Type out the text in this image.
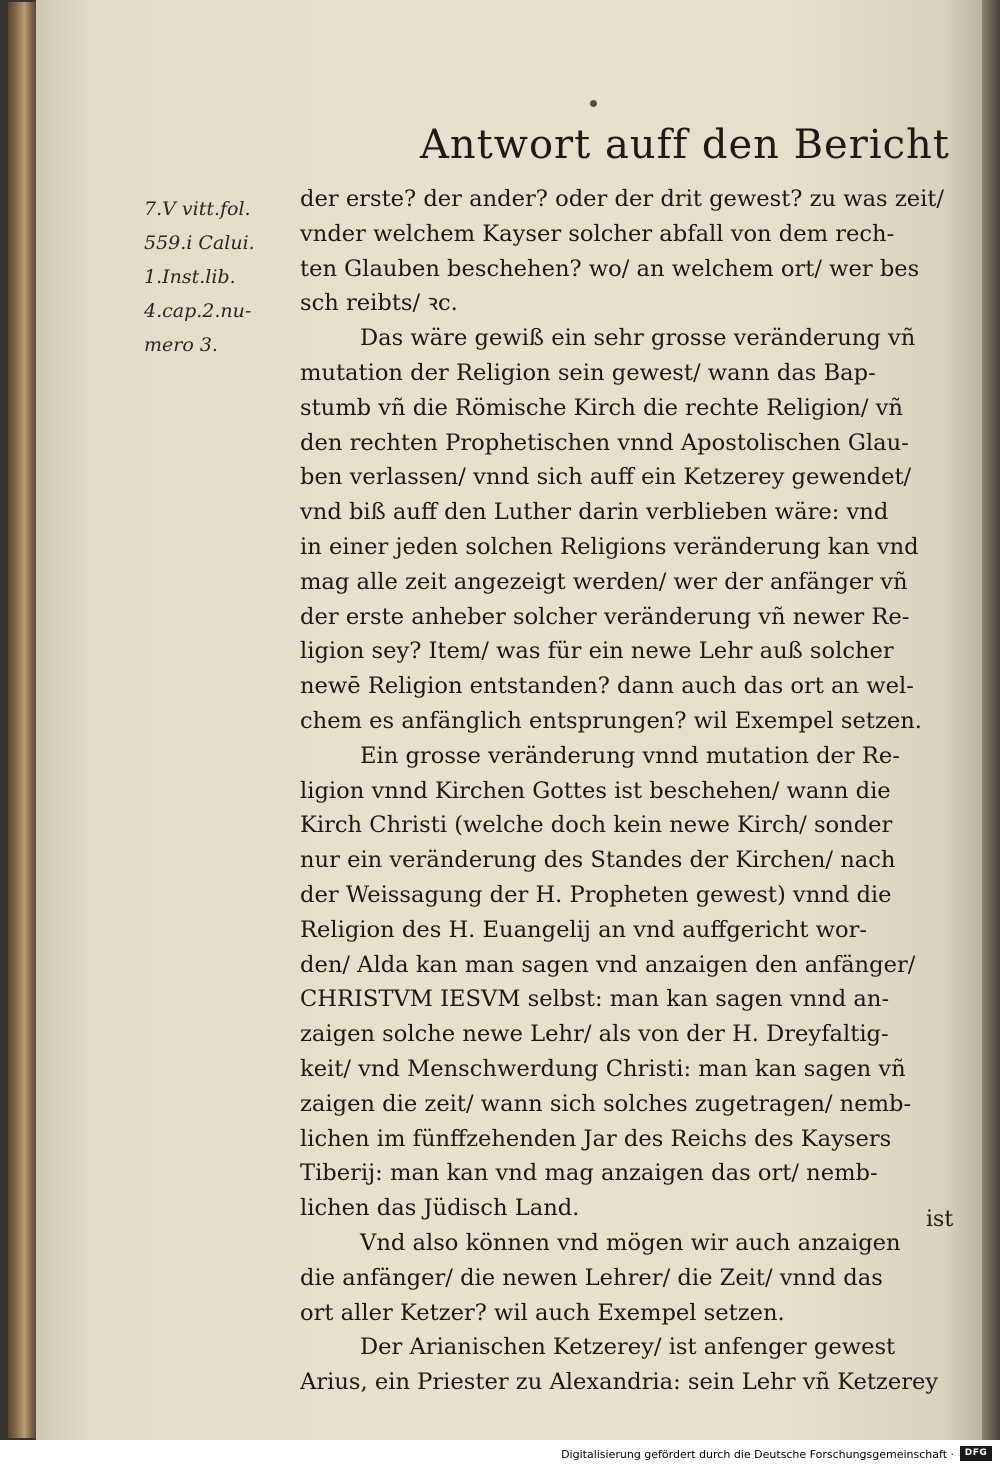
Antwort auff den Bericht
7.V vitt.fol.
559.i Calui.
1.Inst.lib.
4.cap.2.nu-
mero 3.
der erste? der ander? oder der drit gewest? zu was zeit/
vnder welchem Kayser solcher abfall von dem rech-
ten Glauben beschehen? wo/ an welchem ort/ wer bes
sch reibts/ ꝛc.
Das wäre gewiß ein sehr grosse veränderung vñ
mutation der Religion sein gewest/ wann das Bap-
stumb vñ die Römische Kirch die rechte Religion/ vñ
den rechten Prophetischen vnnd Apostolischen Glau-
ben verlassen/ vnnd sich auff ein Ketzerey gewendet/
vnd biß auff den Luther darin verblieben wäre: vnd
in einer jeden solchen Religions veränderung kan vnd
mag alle zeit angezeigt werden/ wer der anfänger vñ
der erste anheber solcher veränderung vñ newer Re-
ligion sey? Item/ was für ein newe Lehr auß solcher
newē Religion entstanden? dann auch das ort an wel-
chem es anfänglich entsprungen? wil Exempel setzen.
Ein grosse veränderung vnnd mutation der Re-
ligion vnnd Kirchen Gottes ist beschehen/ wann die
Kirch Christi (welche doch kein newe Kirch/ sonder
nur ein veränderung des Standes der Kirchen/ nach
der Weissagung der H. Propheten gewest) vnnd die
Religion des H. Euangelij an vnd auffgericht wor-
den/ Alda kan man sagen vnd anzaigen den anfänger/
CHRISTVM IESVM selbst: man kan sagen vnnd an-
zaigen solche newe Lehr/ als von der H. Dreyfaltig-
keit/ vnd Menschwerdung Christi: man kan sagen vñ
zaigen die zeit/ wann sich solches zugetragen/ nemb-
lichen im fünffzehenden Jar des Reichs des Kaysers
Tiberij: man kan vnd mag anzaigen das ort/ nemb-
lichen das Jüdisch Land.
Vnd also können vnd mögen wir auch anzaigen
die anfänger/ die newen Lehrer/ die Zeit/ vnnd das
ort aller Ketzer? wil auch Exempel setzen.
Der Arianischen Ketzerey/ ist anfenger gewest
Arius, ein Priester zu Alexandria: sein Lehr vñ Ketzerey
ist
Digitalisierung gefördert durch die Deutsche Forschungsgemeinschaft ·	DFG
